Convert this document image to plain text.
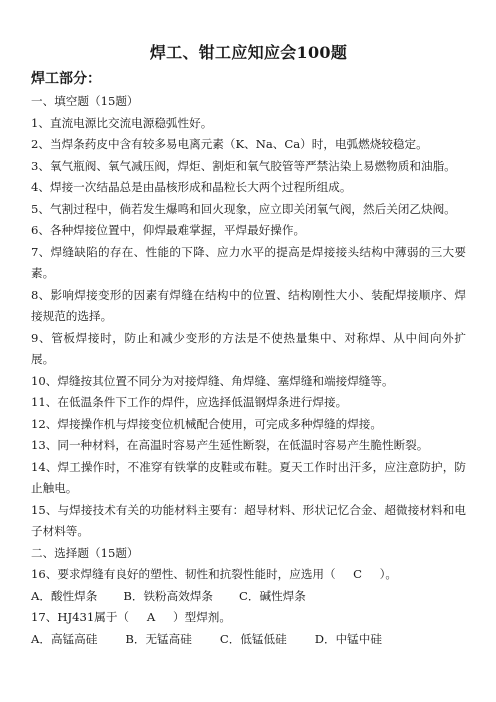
焊工、钳工应知应会100题
焊工部分：

一、填空题（15题）

1、直流电源比交流电源稳弧性好。

2、当焊条药皮中含有较多易电离元素（K、Na、Ca）时，电弧燃烧较稳定。

3、氧气瓶阀、氧气减压阀，焊炬、割炬和氧气胶管等严禁沾染上易燃物质和油脂。

4、焊接一次结晶总是由晶核形成和晶粒长大两个过程所组成。

5、气割过程中，倘若发生爆鸣和回火现象，应立即关闭氧气阀，然后关闭乙炔阀。

6、各种焊接位置中，仰焊最难掌握，平焊最好操作。

7、焊缝缺陷的存在、性能的下降、应力水平的提高是焊接接头结构中薄弱的三大要素。

8、影响焊接变形的因素有焊缝在结构中的位置、结构刚性大小、装配焊接顺序、焊接规范的选择。

9、管板焊接时，防止和减少变形的方法是不使热量集中、对称焊、从中间向外扩展。

10、焊缝按其位置不同分为对接焊缝、角焊缝、塞焊缝和端接焊缝等。

11、在低温条件下工作的焊件，应选择低温钢焊条进行焊接。

12、焊接操作机与焊接变位机械配合使用，可完成多种焊缝的焊接。

13、同一种材料，在高温时容易产生延性断裂，在低温时容易产生脆性断裂。

14、焊工操作时，不准穿有铁掌的皮鞋或布鞋。夏天工作时出汗多，应注意防护，防止触电。

15、与焊接技术有关的功能材料主要有：超导材料、形状记忆合金、超微接材料和电子材料等。

二、选择题（15题）

16、要求焊缝有良好的塑性、韧性和抗裂性能时，应选用（ C ）。

A．酸性焊条 B．铁粉高效焊条 C．碱性焊条

17、HJ431属于（ A ）型焊剂。

A．高锰高硅 B．无锰高硅 C．低锰低硅 D．中锰中硅
